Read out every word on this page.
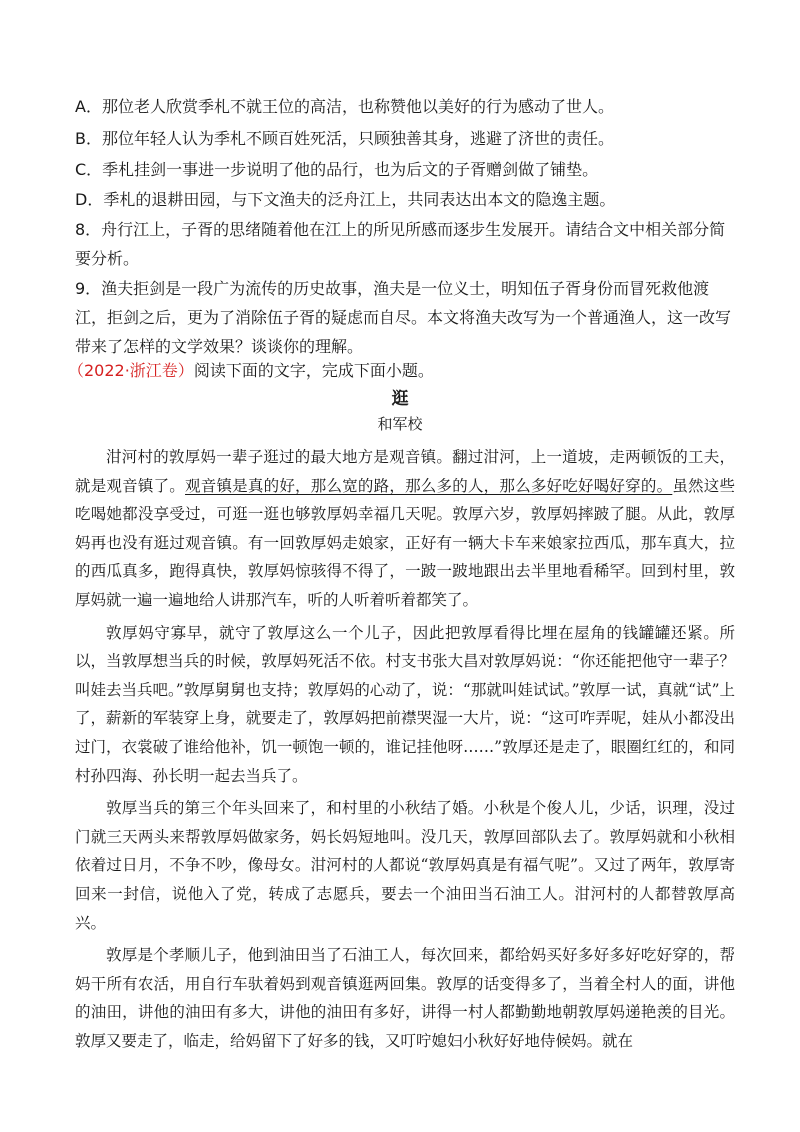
A．那位老人欣赏季札不就王位的高洁，也称赞他以美好的行为感动了世人。

B．那位年轻人认为季札不顾百姓死活，只顾独善其身，逃避了济世的责任。

C．季札挂剑一事进一步说明了他的品行，也为后文的子胥赠剑做了铺垫。

D．季札的退耕田园，与下文渔夫的泛舟江上，共同表达出本文的隐逸主题。

8．舟行江上，子胥的思绪随着他在江上的所见所感而逐步生发展开。请结合文中相关部分简要分析。

9．渔夫拒剑是一段广为流传的历史故事，渔夫是一位义士，明知伍子胥身份而冒死救他渡江，拒剑之后，更为了消除伍子胥的疑虑而自尽。本文将渔夫改写为一个普通渔人，这一改写带来了怎样的文学效果？谈谈你的理解。

（2022·浙江卷）阅读下面的文字，完成下面小题。

逛
和军校

泔河村的敦厚妈一辈子逛过的最大地方是观音镇。翻过泔河，上一道坡，走两顿饭的工夫，就是观音镇了。观音镇是真的好，那么宽的路，那么多的人，那么多好吃好喝好穿的。虽然这些吃喝她都没享受过，可逛一逛也够敦厚妈幸福几天呢。敦厚六岁，敦厚妈摔跛了腿。从此，敦厚妈再也没有逛过观音镇。有一回敦厚妈走娘家，正好有一辆大卡车来娘家拉西瓜，那车真大，拉的西瓜真多，跑得真快，敦厚妈惊骇得不得了，一跛一跛地跟出去半里地看稀罕。回到村里，敦厚妈就一遍一遍地给人讲那汽车，听的人听着听着都笑了。

敦厚妈守寡早，就守了敦厚这么一个儿子，因此把敦厚看得比埋在屋角的钱罐罐还紧。所以，当敦厚想当兵的时候，敦厚妈死活不依。村支书张大昌对敦厚妈说：“你还能把他守一辈子？叫娃去当兵吧。”敦厚舅舅也支持；敦厚妈的心动了，说：“那就叫娃试试。”敦厚一试，真就“试”上了，薪新的军装穿上身，就要走了，敦厚妈把前襟哭湿一大片，说：“这可咋弄呢，娃从小都没出过门，衣裳破了谁给他补，饥一顿饱一顿的，谁记挂他呀……”敦厚还是走了，眼圈红红的，和同村孙四海、孙长明一起去当兵了。

敦厚当兵的第三个年头回来了，和村里的小秋结了婚。小秋是个俊人儿，少话，识理，没过门就三天两头来帮敦厚妈做家务，妈长妈短地叫。没几天，敦厚回部队去了。敦厚妈就和小秋相依着过日月，不争不吵，像母女。泔河村的人都说“敦厚妈真是有福气呢”。又过了两年，敦厚寄回来一封信，说他入了党，转成了志愿兵，要去一个油田当石油工人。泔河村的人都替敦厚高兴。

敦厚是个孝顺儿子，他到油田当了石油工人，每次回来，都给妈买好多好多好吃好穿的，帮妈干所有农活，用自行车驮着妈到观音镇逛两回集。敦厚的话变得多了，当着全村人的面，讲他的油田，讲他的油田有多大，讲他的油田有多好，讲得一村人都勤勤地朝敦厚妈递艳羡的目光。敦厚又要走了，临走，给妈留下了好多的钱，又叮咛媳妇小秋好好地侍候妈。就在
